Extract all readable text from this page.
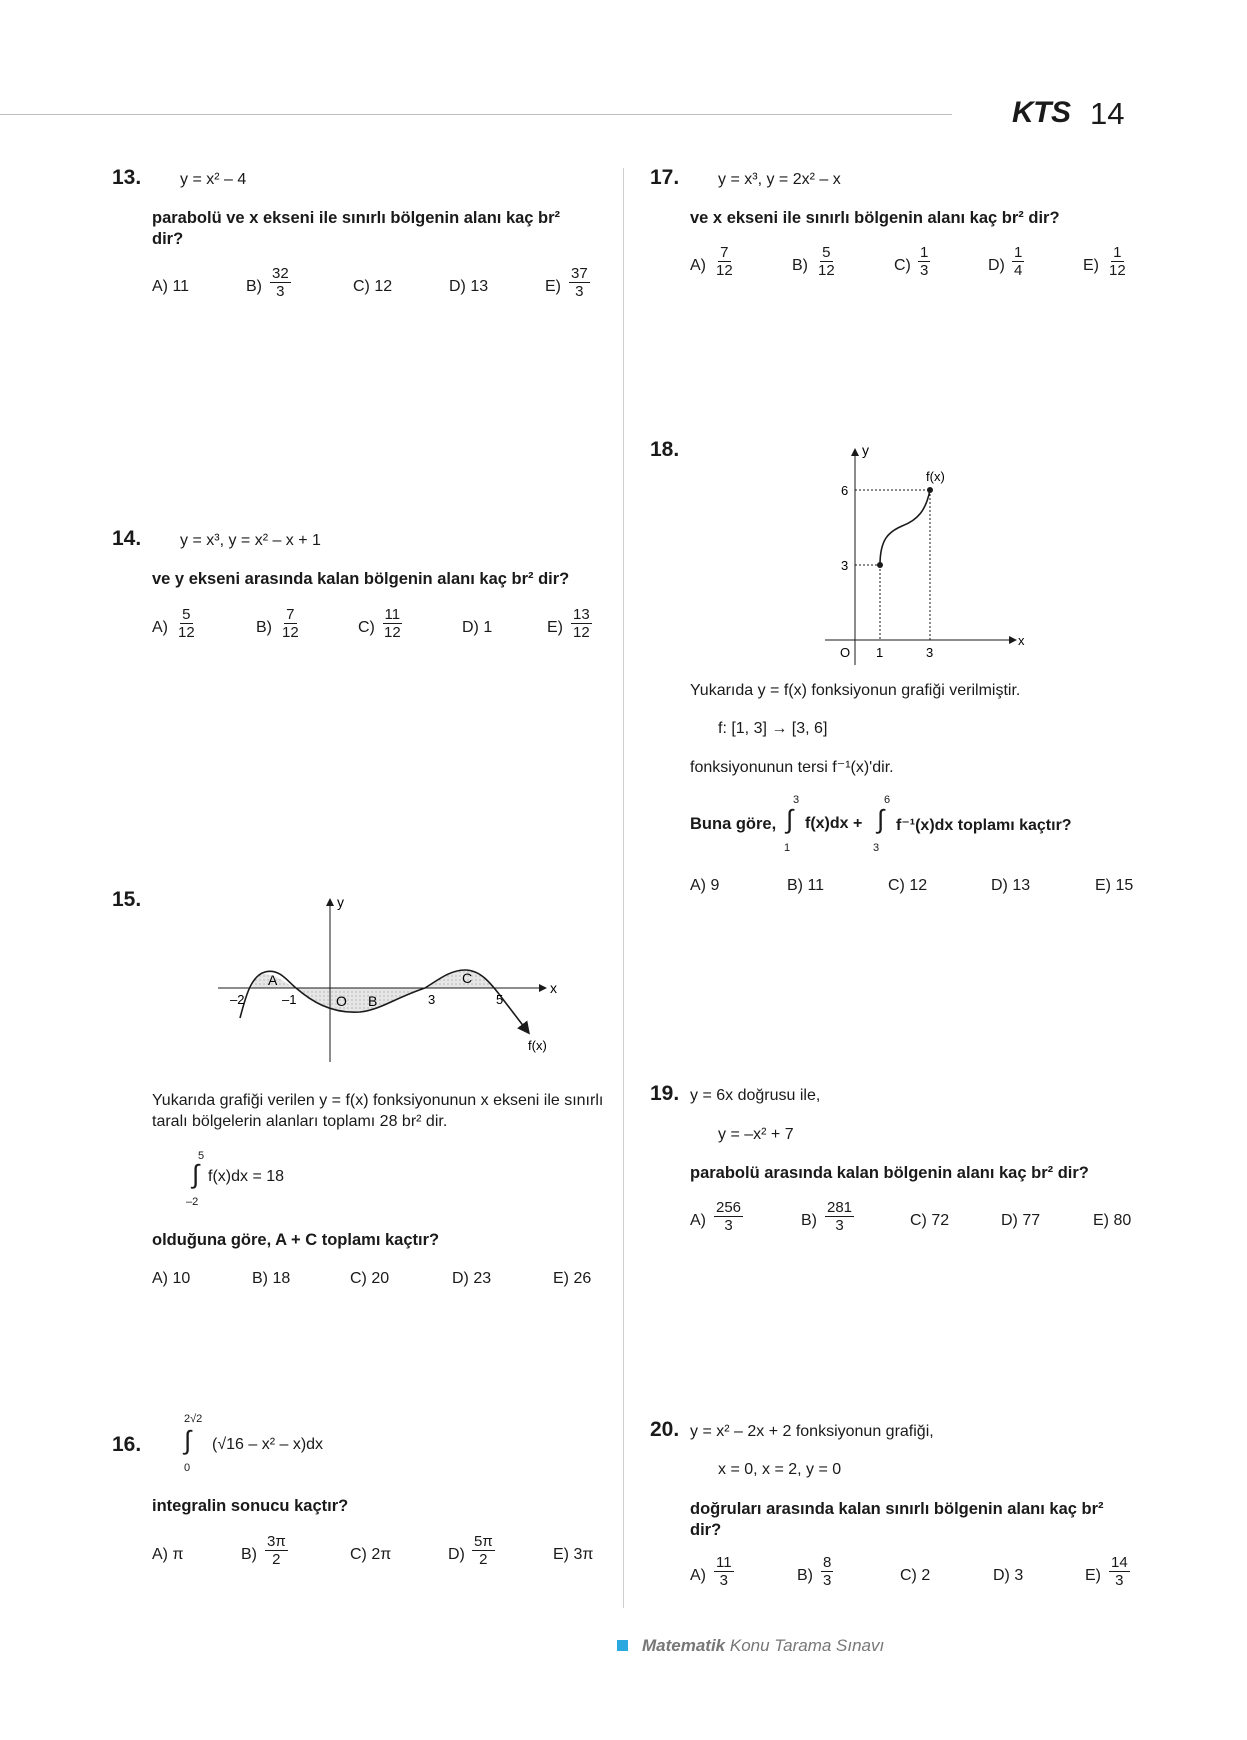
KTS 14
13. y = x² – 4
parabolü ve x ekseni ile sınırlı bölgenin alanı kaç br² dir?
A) 11	$B) \frac{32}{3}$	C) 12	D) 13	$E) \frac{37}{3}$
14. y = x³, y = x² – x + 1
ve y ekseni arasında kalan bölgenin alanı kaç br² dir?
$A) \frac{5}{12}$	$B) \frac{7}{12}$	$C) \frac{11}{12}$	D) 1	$E) \frac{13}{12}$
15.	y
x
O
A
B
C
f(x)
–2	–1	3	5
Yukarıda grafiği verilen y = f(x) fonksiyonunun x ekseni ile sınırlı taralı bölgelerin alanları toplamı 28 br² dir.
5
∫
–2
f(x)dx = 18
olduğuna göre, A + C toplamı kaçtır?
A) 10	B) 18	C) 20	D) 23	E) 26
16.
2√2
∫
0
(√16 – x² – x)dx
integralin sonucu kaçtır?
A) π	$B) \frac{3\pi}{2}$	C) 2π	$D) \frac{5\pi}{2}$	E) 3π
17. y = x³, y = 2x² – x
ve x ekseni ile sınırlı bölgenin alanı kaç br² dir?
$A) \frac{7}{12}$	$B) \frac{5}{12}$	$C) \frac{1}{3}$	$D) \frac{1}{4}$	$E) \frac{1}{12}$
18.	y
x
O
f(x)
6
3
1	3
Yukarıda y = f(x) fonksiyonun grafiği verilmiştir.
f: [1, 3] → [3, 6]
fonksiyonunun tersi f⁻¹(x)'dir.
Buna göre,
3
∫
1
f(x)dx +
6
∫
3
f⁻¹(x)dx toplamı kaçtır?
A) 9	B) 11	C) 12	D) 13	E) 15
19. y = 6x doğrusu ile,
y = –x² + 7
parabolü arasında kalan bölgenin alanı kaç br² dir?
$A) \frac{256}{3}$	$B) \frac{281}{3}$	C) 72	D) 77	E) 80
20. y = x² – 2x + 2 fonksiyonun grafiği,
x = 0, x = 2, y = 0
doğruları arasında kalan sınırlı bölgenin alanı kaç br² dir?
$A) \frac{11}{3}$	$B) \frac{8}{3}$	C) 2	D) 3	$E) \frac{14}{3}$
Matematik Konu Tarama Sınavı
